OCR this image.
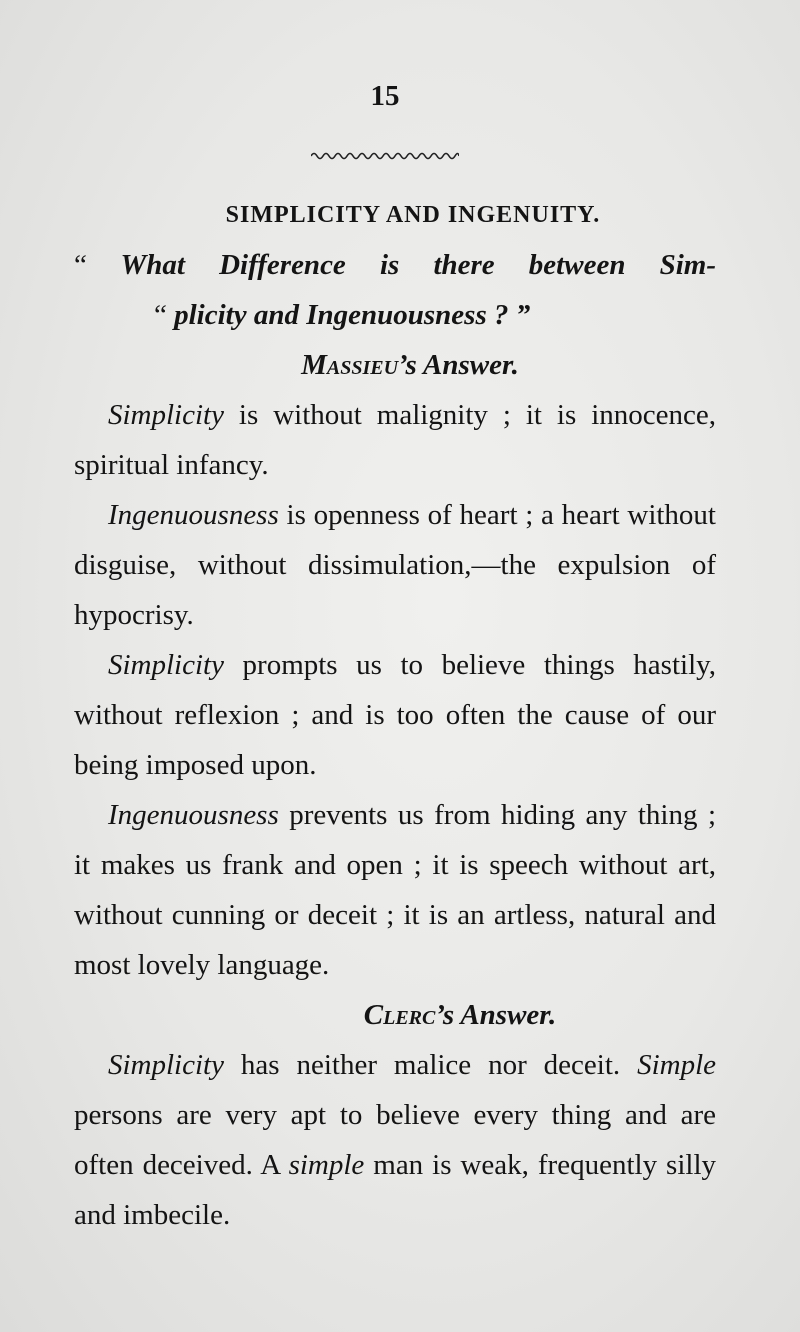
15
SIMPLICITY AND INGENUITY.
“ What Difference is there between Sim-
“ plicity and Ingenuousness ? ”
Massieu’s Answer.

Simplicity is without malignity ; it is innocence, spiritual infancy.

Ingenuousness is openness of heart ; a heart without disguise, without dissimulation,—the expulsion of hypocrisy.

Simplicity prompts us to believe things hastily, without reflexion ; and is too often the cause of our being imposed upon.

Ingenuousness prevents us from hiding any thing ; it makes us frank and open ; it is speech without art, without cunning or deceit ; it is an artless, natural and most lovely language.

Clerc’s Answer.

Simplicity has neither malice nor deceit. Simple persons are very apt to believe every thing and are often deceived. A simple man is weak, frequently silly and imbecile.
